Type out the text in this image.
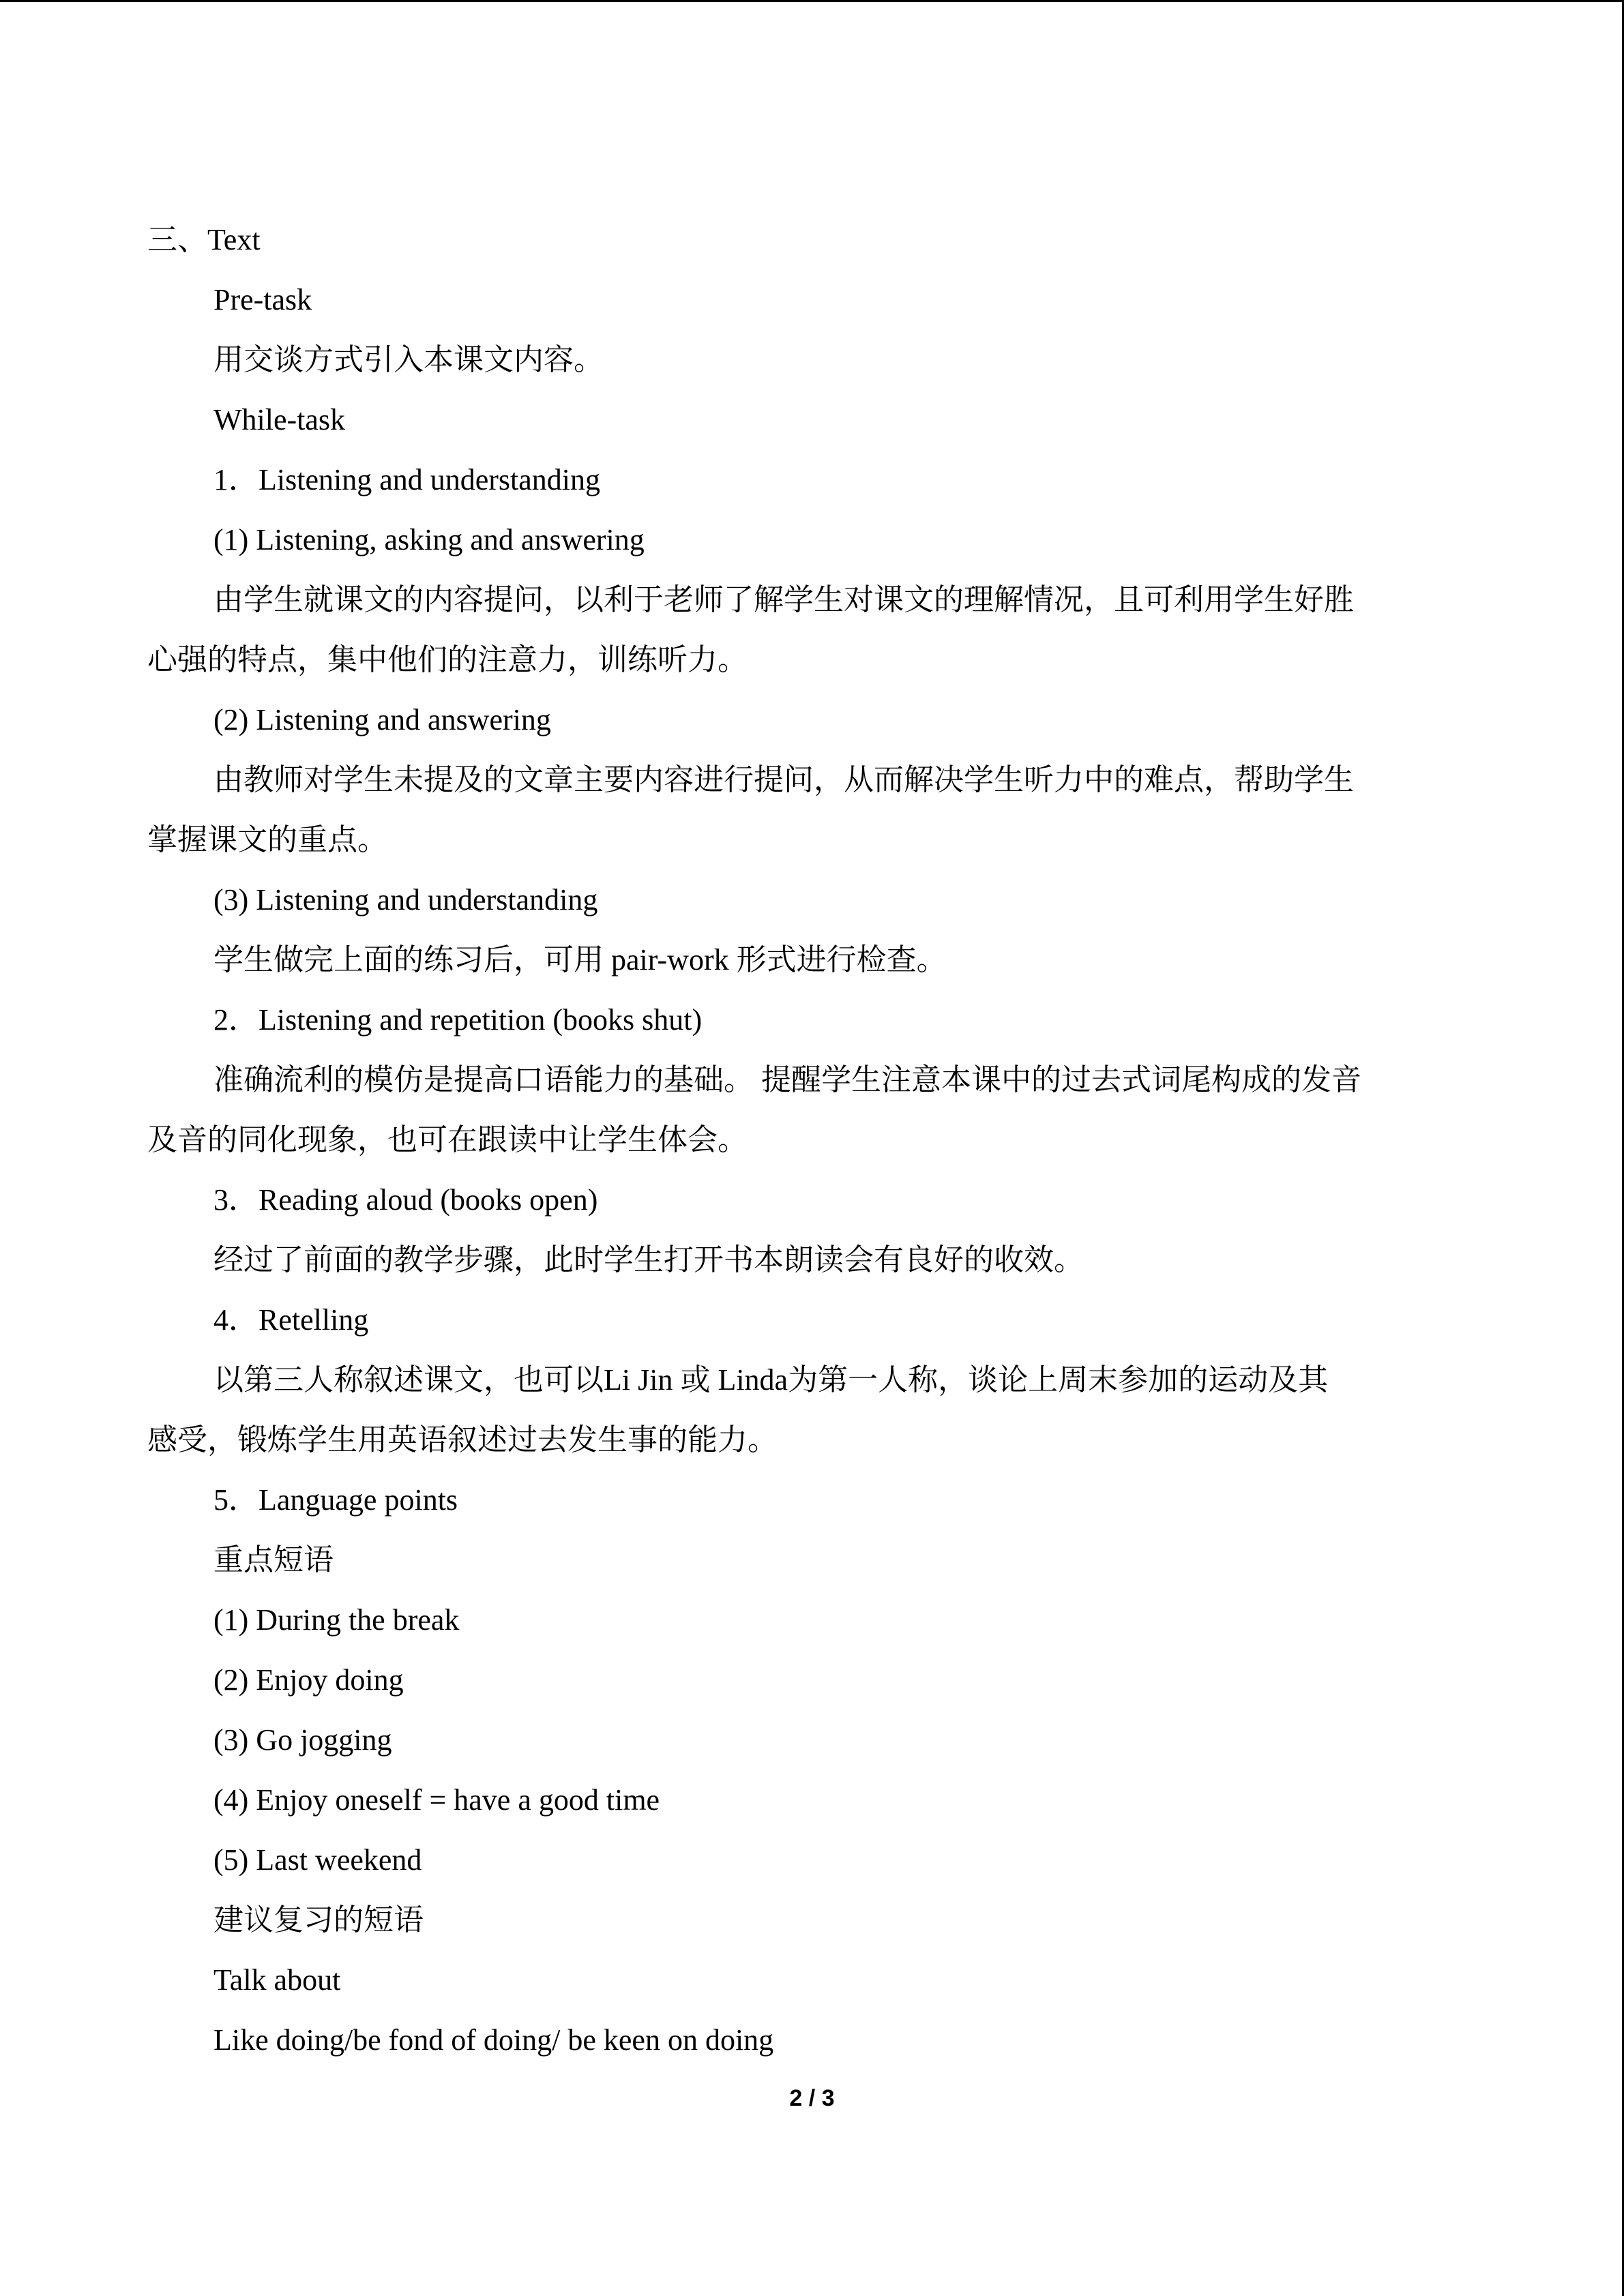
三、Text
Pre-task
用交谈方式引入本课文内容。
While-task
1．Listening and understanding
(1) Listening, asking and answering
由学生就课文的内容提问，以利于老师了解学生对课文的理解情况，且可利用学生好胜
心强的特点，集中他们的注意力，训练听力。
(2) Listening and answering
由教师对学生未提及的文章主要内容进行提问，从而解决学生听力中的难点，帮助学生
掌握课文的重点。
(3) Listening and understanding
学生做完上面的练习后，可用 pair-work 形式进行检查。
2．Listening and repetition (books shut)
准确流利的模仿是提高口语能力的基础。 提醒学生注意本课中的过去式词尾构成的发音
及音的同化现象，也可在跟读中让学生体会。
3．Reading aloud (books open)
经过了前面的教学步骤，此时学生打开书本朗读会有良好的收效。
4．Retelling
以第三人称叙述课文，也可以Li Jin 或 Linda为第一人称，谈论上周末参加的运动及其
感受，锻炼学生用英语叙述过去发生事的能力。
5．Language points
重点短语
(1) During the break
(2) Enjoy doing
(3) Go jogging
(4) Enjoy oneself = have a good time
(5) Last weekend
建议复习的短语
Talk about
Like doing/be fond of doing/ be keen on doing
2 / 3
